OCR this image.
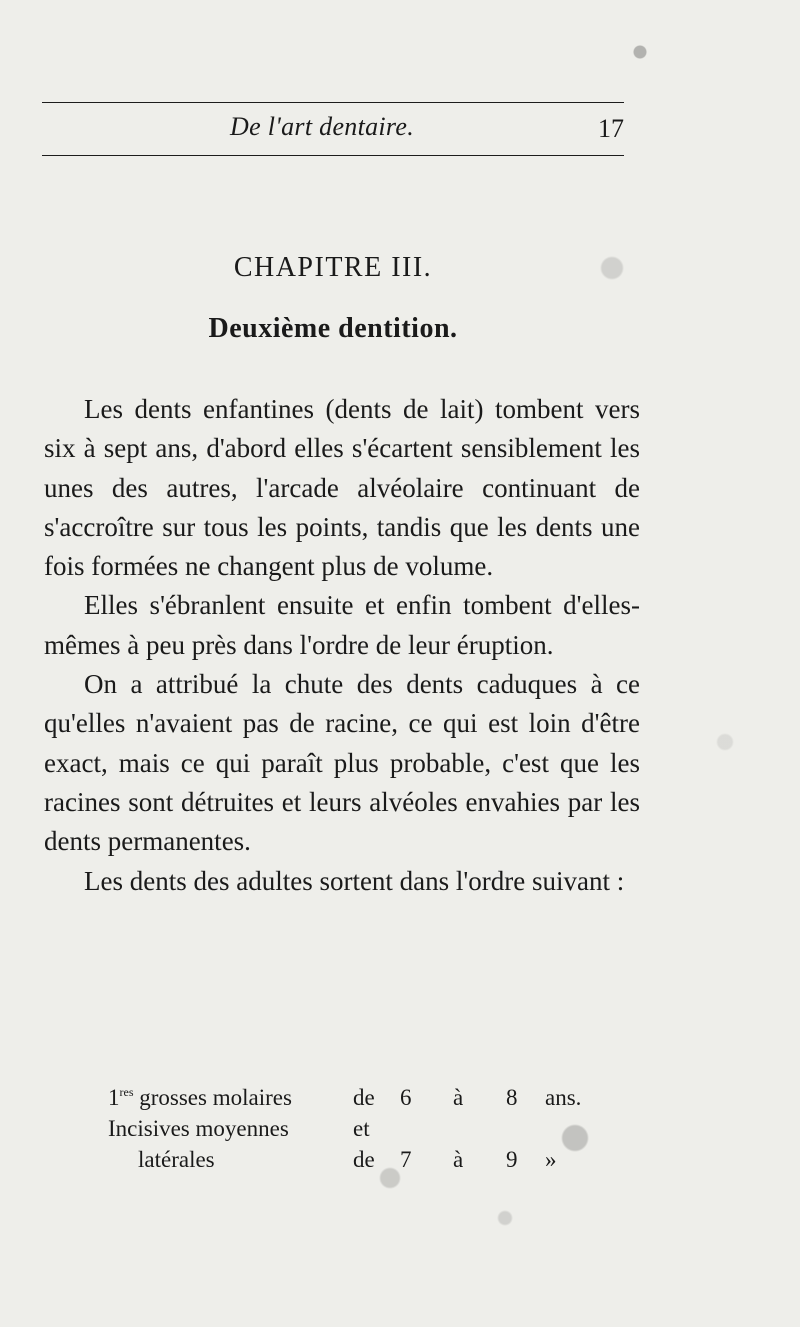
De l'art dentaire.	17
CHAPITRE III.
Deuxième dentition.

Les dents enfantines (dents de lait) tombent vers six à sept ans, d'abord elles s'écartent sensiblement les unes des autres, l'arcade alvéolaire continuant de s'accroître sur tous les points, tandis que les dents une fois formées ne changent plus de volume.

Elles s'ébranlent ensuite et enfin tombent d'elles-mêmes à peu près dans l'ordre de leur éruption.

On a attribué la chute des dents caduques à ce qu'elles n'avaient pas de racine, ce qui est loin d'être exact, mais ce qui paraît plus probable, c'est que les racines sont détruites et leurs alvéoles envahies par les dents permanentes.

Les dents des adultes sortent dans l'ordre suivant :

1res grosses molaires	de 6 à 8 ans.
Incisives moyennes	et
latérales	de 7 à 9 »
